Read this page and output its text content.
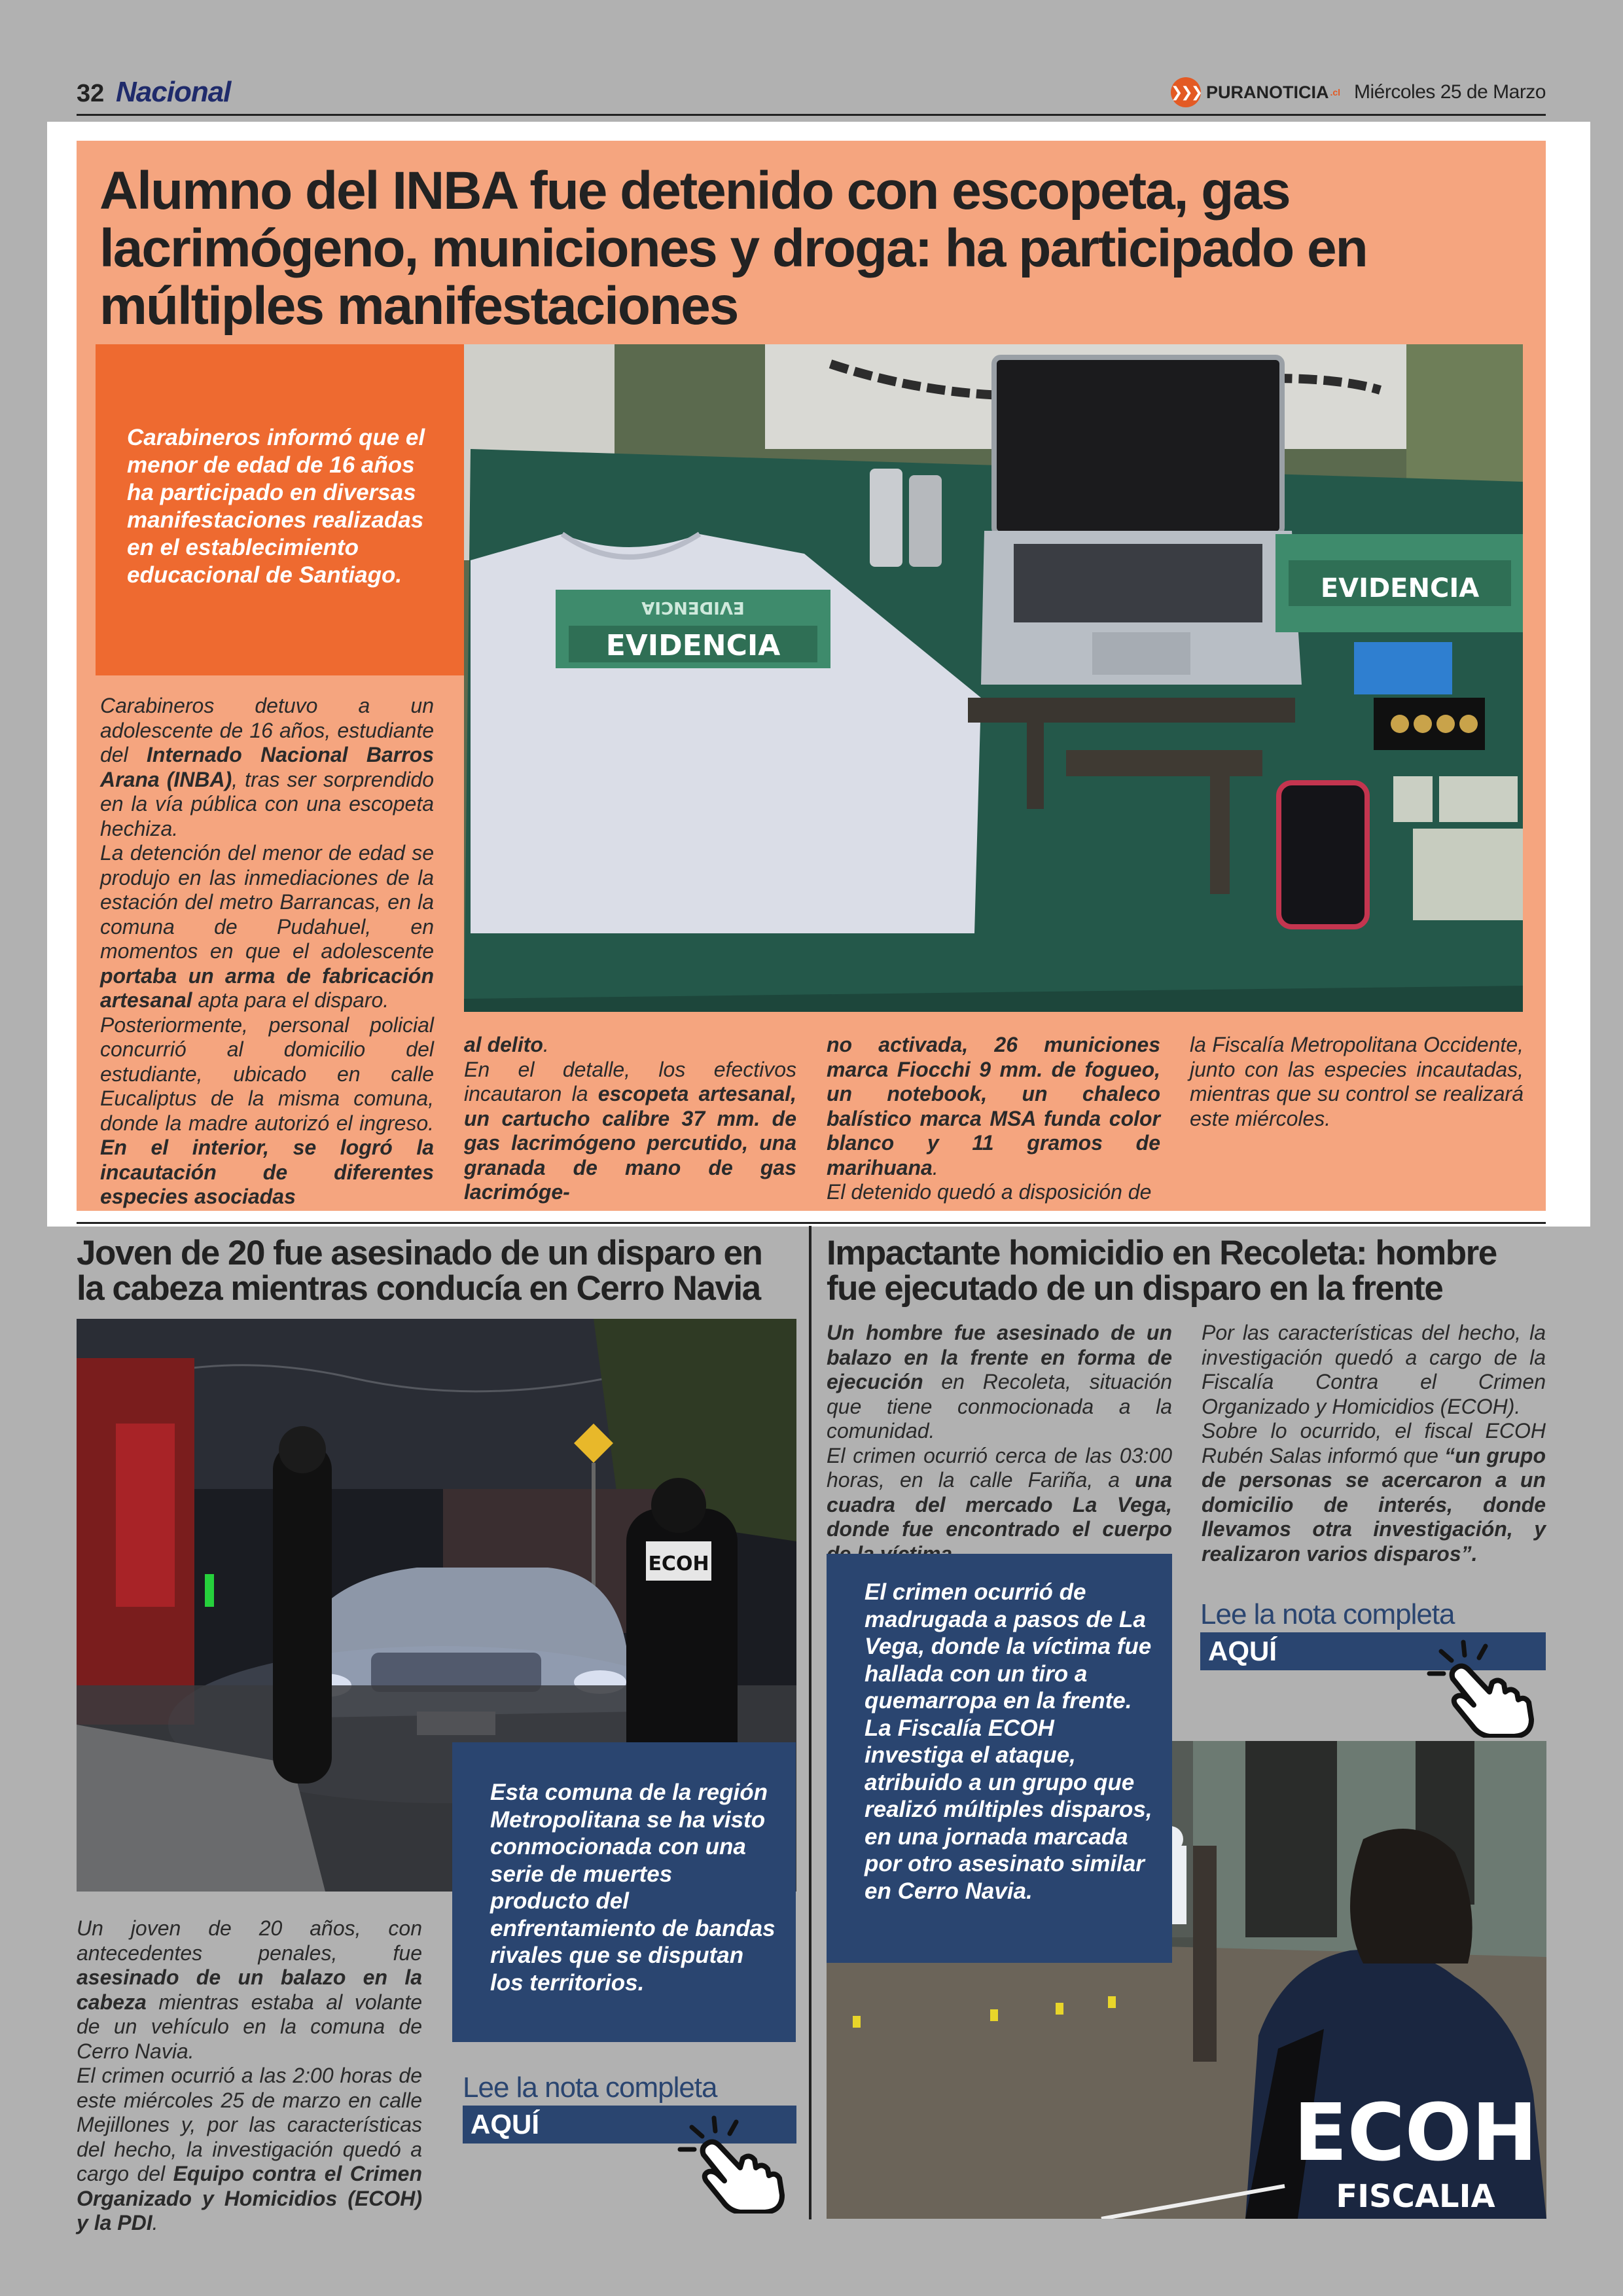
32 Nacional	❯❯❯ PURANOTICIA .cl Miércoles 25 de Marzo
Alumno del INBA fue detenido con escopeta, gas lacrimógeno, municiones y droga: ha participado en múltiples manifestaciones

Carabineros informó que el menor de edad de 16 años ha participado en diversas manifestaciones realizadas en el establecimiento educacional de Santiago.

EVIDENCIA
EVIDENCIA
EVIDENCIA

Carabineros detuvo a un adolescente de 16 años, estudiante del Internado Nacional Barros Arana (INBA), tras ser sorprendido en la vía pública con una escopeta hechiza.

La detención del menor de edad se produjo en las inmediaciones de la estación del metro Barrancas, en la comuna de Pudahuel, en momentos en que el adolescente portaba un arma de fabricación artesanal apta para el disparo.

Posteriormente, personal policial concurrió al domicilio del estudiante, ubicado en calle Eucaliptus de la misma comuna, donde la madre autorizó el ingreso. En el interior, se logró la incautación de diferentes especies asociadas

al delito.

En el detalle, los efectivos incautaron la escopeta artesanal, un cartucho calibre 37 mm. de gas lacrimógeno percutido, una granada de mano de gas lacrimóge-

no activada, 26 municiones marca Fiocchi 9 mm. de fogueo, un notebook, un chaleco balístico marca MSA funda color blanco y 11 gramos de marihuana.

El detenido quedó a disposición de

la Fiscalía Metropolitana Occidente, junto con las especies incautadas, mientras que su control se realizará este miércoles.

Joven de 20 fue asesinado de un disparo en la cabeza mientras conducía en Cerro Navia
ECOH

Esta comuna de la región Metropolitana se ha visto conmocionada con una serie de muertes producto del enfrentamiento de bandas rivales que se disputan los territorios.

Un joven de 20 años, con antecedentes penales, fue asesinado de un balazo en la cabeza mientras estaba al volante de un vehículo en la comuna de Cerro Navia.

El crimen ocurrió a las 2:00 horas de este miércoles 25 de marzo en calle Mejillones y, por las características del hecho, la investigación quedó a cargo del Equipo contra el Crimen Organizado y Homicidios (ECOH) y la PDI.

Lee la nota completa
AQUÍ
Impactante homicidio en Recoleta: hombre fue ejecutado de un disparo en la frente

Un hombre fue asesinado de un balazo en la frente en forma de ejecución en Recoleta, situación que tiene conmocionada a la comunidad.

El crimen ocurrió cerca de las 03:00 horas, en la calle Fariña, a una cuadra del mercado La Vega, donde fue encontrado el cuerpo

Por las características del hecho, la investigación quedó a cargo de la Fiscalía Contra el Crimen Organizado y Homicidios (ECOH).

Sobre lo ocurrido, el fiscal ECOH Rubén Salas informó que “un grupo de personas se acercaron a un domicilio de interés, donde llevamos otra investigación, y realizaron varios disparos”.

Lee la nota completa
AQUÍ
ECOH
FISCALIA

El crimen ocurrió de madrugada a pasos de La Vega, donde la víctima fue hallada con un tiro a quemarropa en la frente. La Fiscalía ECOH investiga el ataque, atribuido a un grupo que realizó múltiples disparos, en una jornada marcada por otro asesinato similar en Cerro Navia.
